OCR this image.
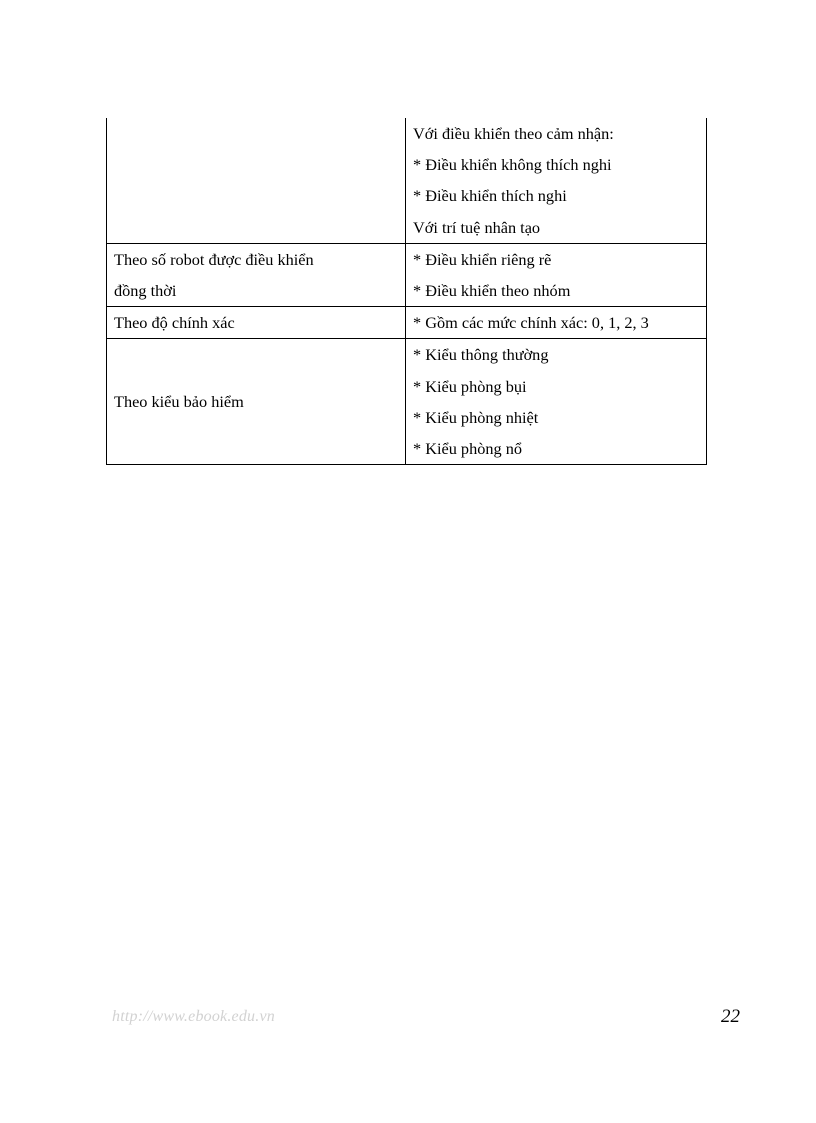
Với điều khiển theo cảm nhận:
* Điều khiển không thích nghi
* Điều khiển thích nghi
Với trí tuệ nhân tạo
Theo số robot được điều khiển
đồng thời
* Điều khiển riêng rẽ
* Điều khiển theo nhóm
Theo độ chính xác	* Gồm các mức chính xác: 0, 1, 2, 3
Theo kiểu bảo hiểm
* Kiểu thông thường
* Kiểu phòng bụi
* Kiểu phòng nhiệt
* Kiểu phòng nổ
http://www.ebook.edu.vn	22
